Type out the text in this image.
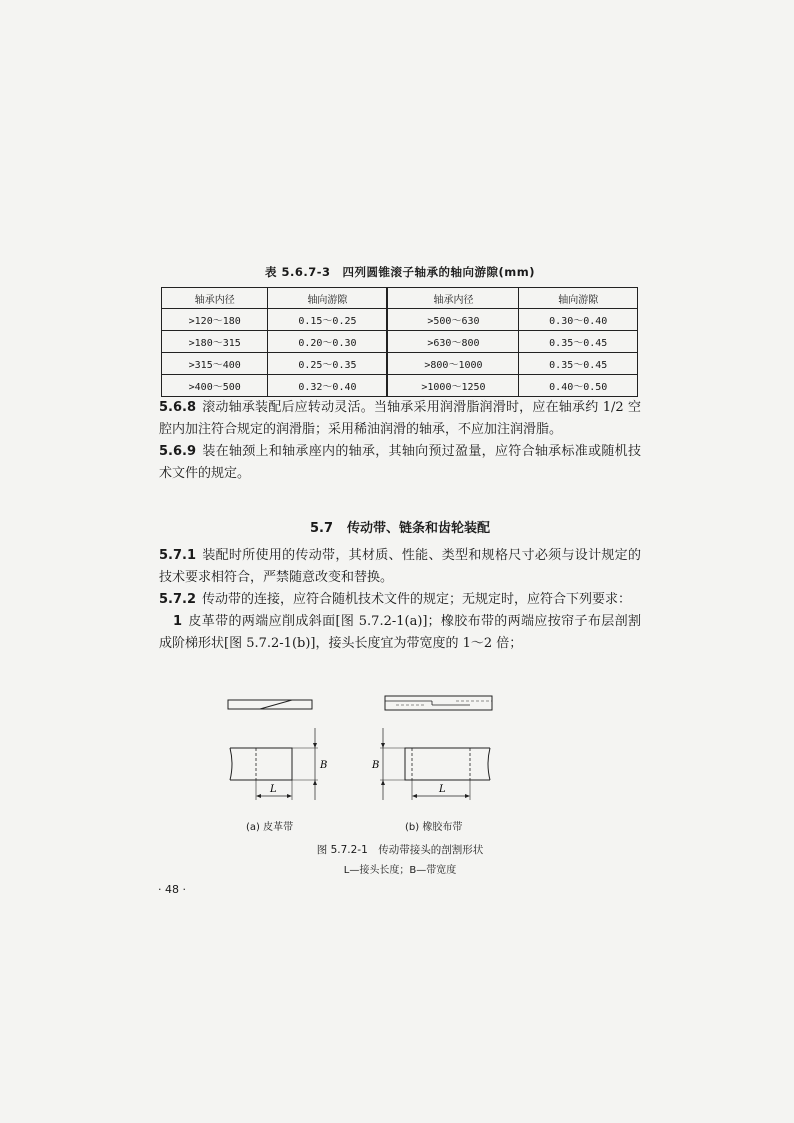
表 5.6.7-3　四列圆锥滚子轴承的轴向游隙(mm)
轴承内径	轴向游隙	轴承内径	轴向游隙
>120～180	0.15～0.25	>500～630	0.30～0.40
>180～315	0.20～0.30	>630～800	0.35～0.45
>315～400	0.25～0.35	>800～1000	0.35～0.45
>400～500	0.32～0.40	>1000～1250	0.40～0.50

5.6.8 滚动轴承装配后应转动灵活。当轴承采用润滑脂润滑时，应在轴承约 1/2 空腔内加注符合规定的润滑脂；采用稀油润滑的轴承，不应加注润滑脂。

5.6.9 装在轴颈上和轴承座内的轴承，其轴向预过盈量，应符合轴承标准或随机技术文件的规定。

5.7 传动带、链条和齿轮装配

5.7.1 装配时所使用的传动带，其材质、性能、类型和规格尺寸必须与设计规定的技术要求相符合，严禁随意改变和替换。

5.7.2 传动带的连接，应符合随机技术文件的规定；无规定时，应符合下列要求：

1 皮革带的两端应削成斜面[图 5.7.2-1(a)]；橡胶布带的两端应按帘子布层剖割成阶梯形状[图 5.7.2-1(b)]，接头长度宜为带宽度的 1～2 倍；

L	L
B	B
(a) 皮革带	(b) 橡胶布带
图 5.7.2-1　传动带接头的剖割形状
L—接头长度；B—带宽度
· 48 ·
